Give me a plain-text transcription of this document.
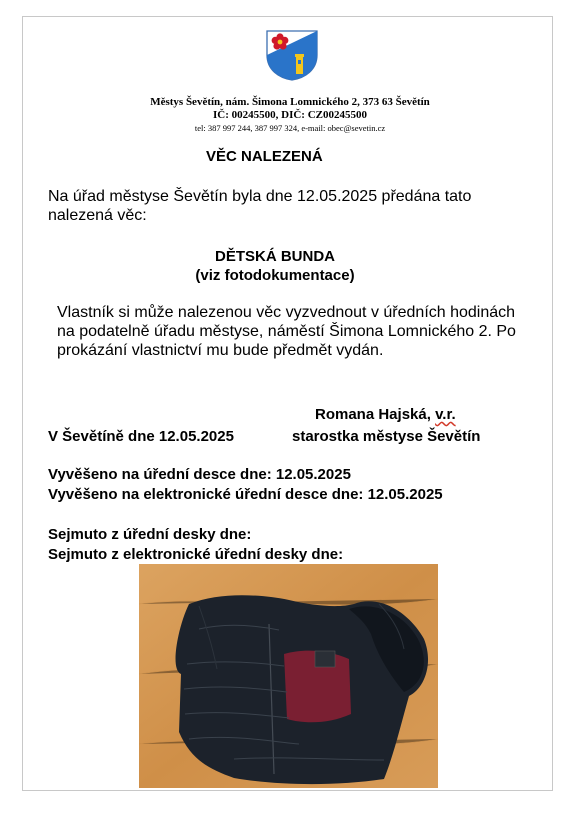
Městys Ševětín, nám. Šimona Lomnického 2, 373 63 Ševětín
IČ: 00245500, DIČ: CZ00245500
tel: 387 997 244, 387 997 324, e-mail: obec@sevetin.cz
VĚC NALEZENÁ
Na úřad městyse Ševětín byla dne 12.05.2025 předána tato nalezená věc:
DĚTSKÁ BUNDA
(viz fotodokumentace)
Vlastník si může nalezenou věc vyzvednout v úředních hodinách na podatelně úřadu městyse, náměstí Šimona Lomnického 2. Po prokázání vlastnictví mu bude předmět vydán.
Romana Hajská, v.r.
V Ševětíně dne 12.05.2025	starostka městyse Ševětín
Vyvěšeno na úřední desce dne: 12.05.2025
Vyvěšeno na elektronické úřední desce dne: 12.05.2025
Sejmuto z úřední desky dne:
Sejmuto z elektronické úřední desky dne:
